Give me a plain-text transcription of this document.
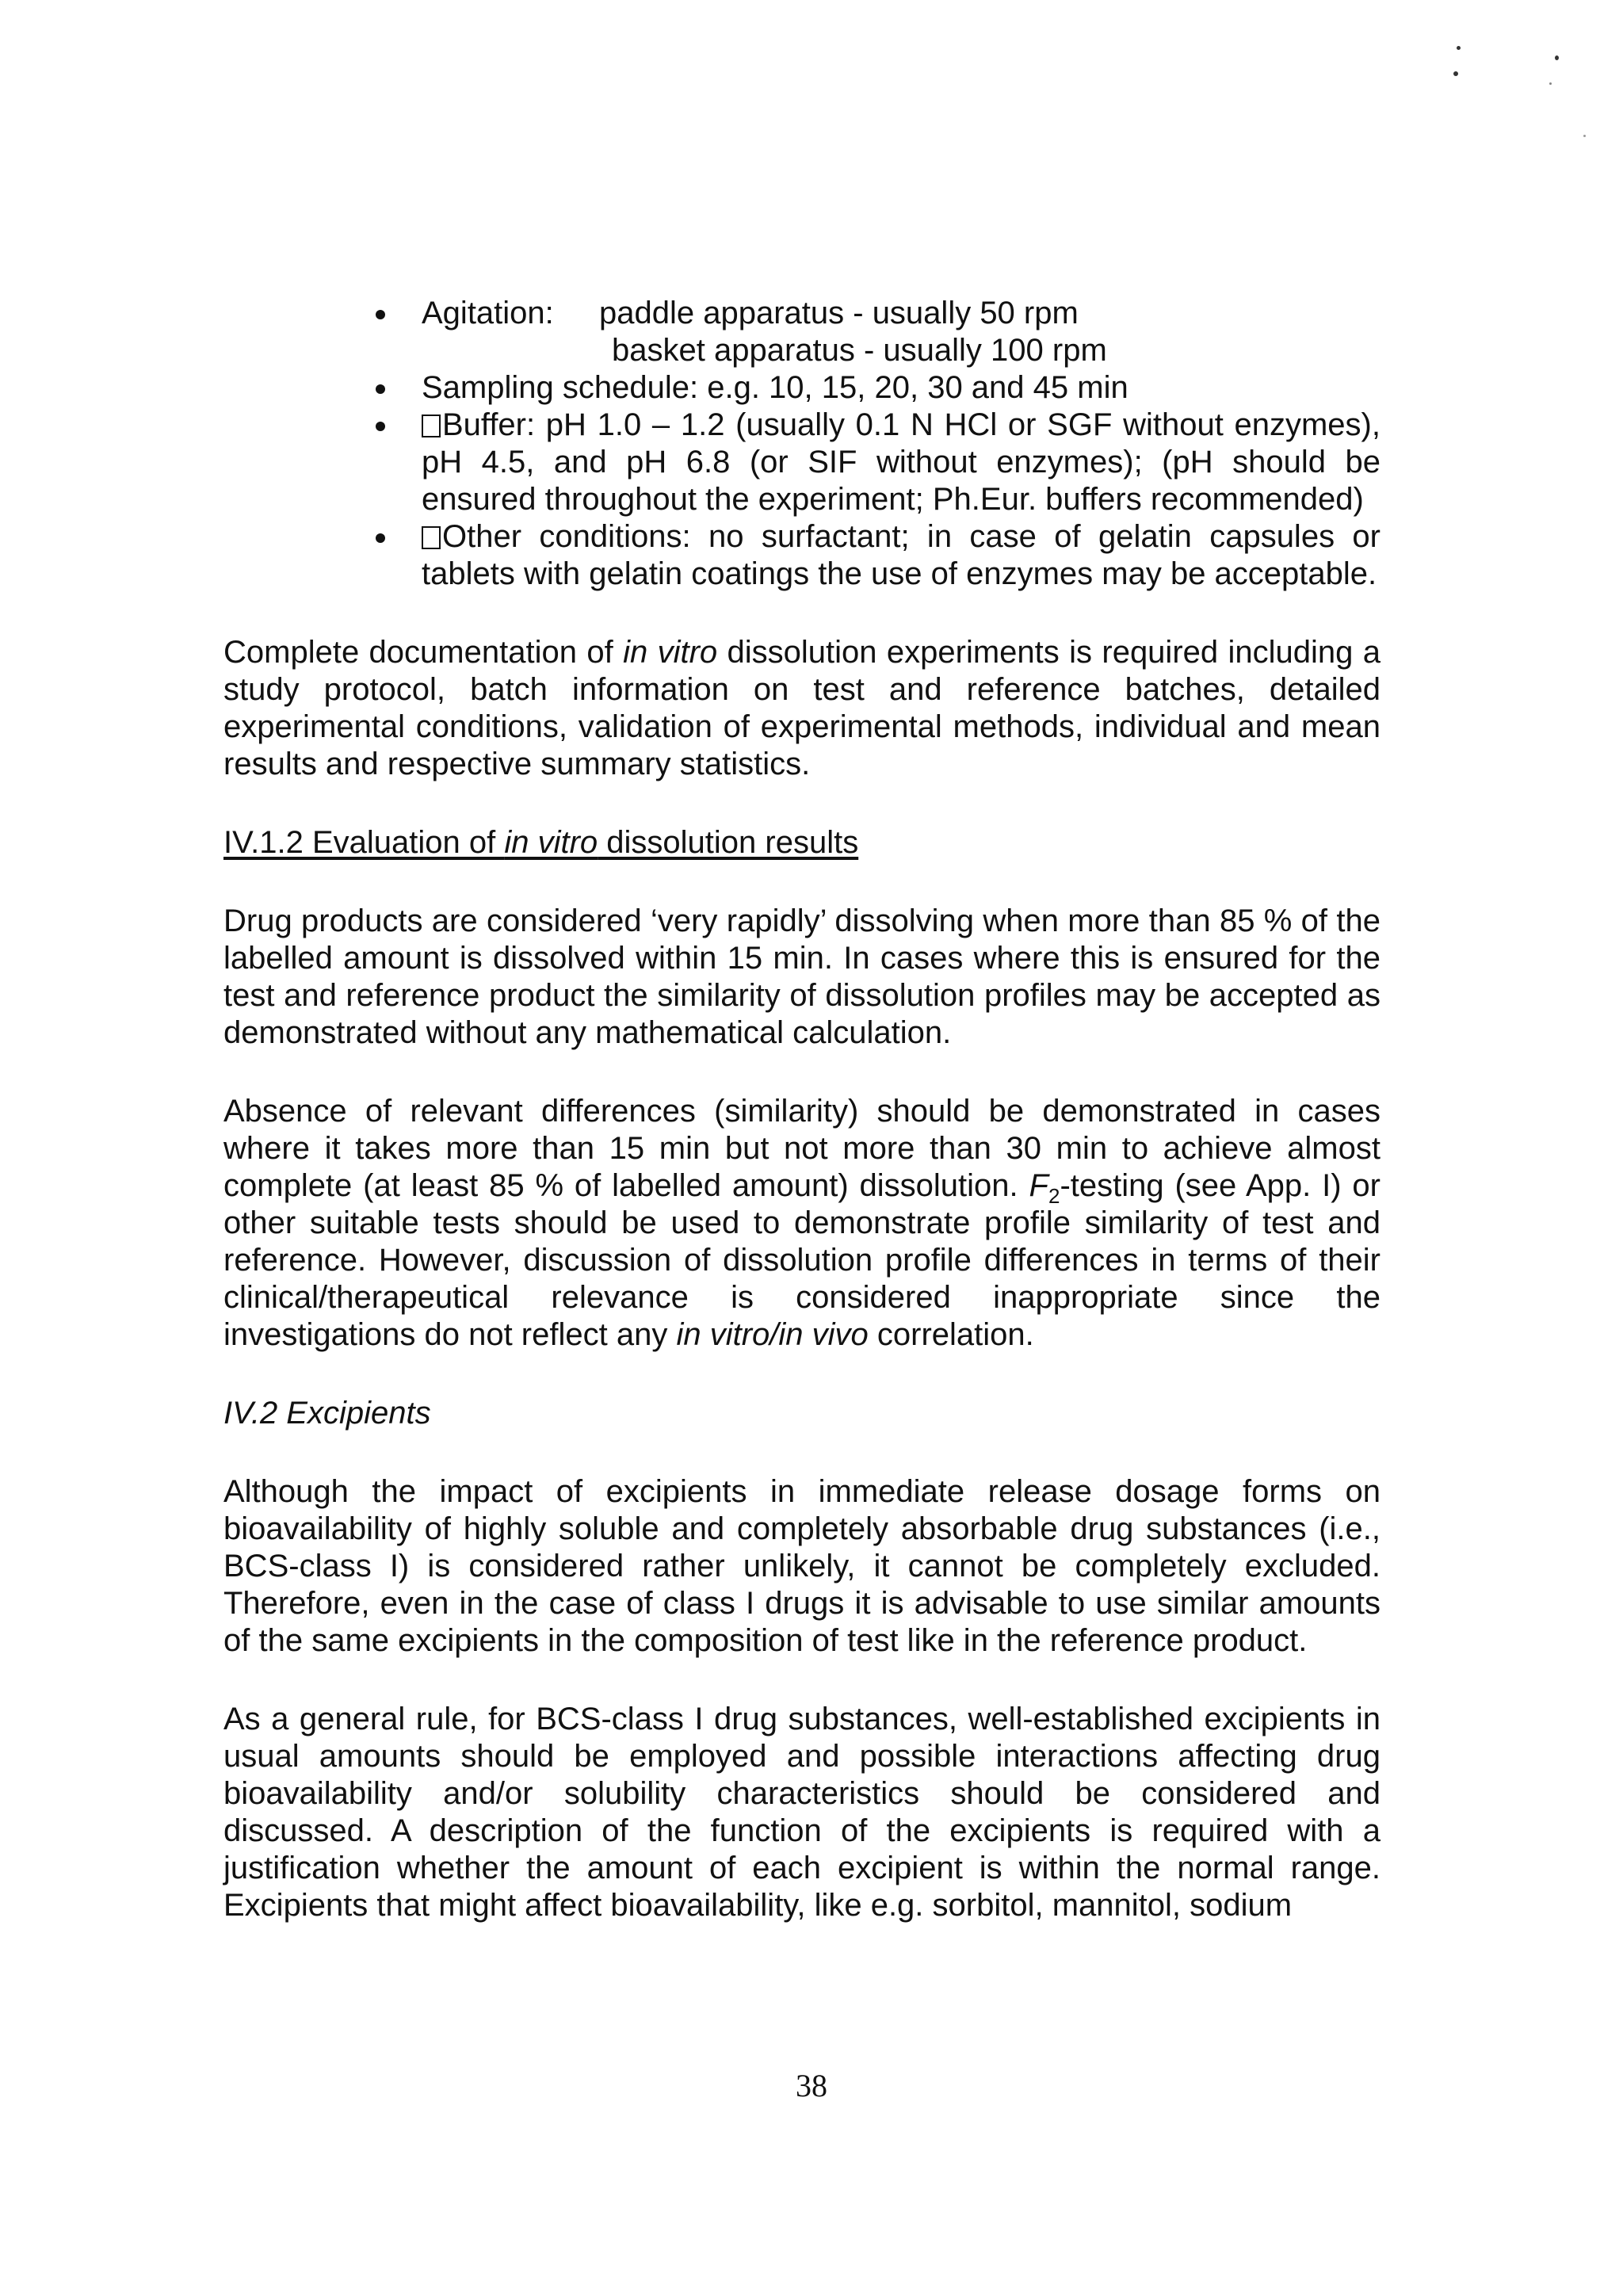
Agitation: paddle apparatus - usually 50 rpm
basket apparatus - usually 100 rpm
Sampling schedule: e.g. 10, 15, 20, 30 and 45 min
Buffer: pH 1.0 – 1.2 (usually 0.1 N HCl or SGF without enzymes), pH 4.5, and pH 6.8 (or SIF without enzymes); (pH should be ensured throughout the experiment; Ph.Eur. buffers recommended)
Other conditions: no surfactant; in case of gelatin capsules or tablets with gelatin coatings the use of enzymes may be acceptable.

Complete documentation of in vitro dissolution experiments is required including a study protocol, batch information on test and reference batches, detailed experimental conditions, validation of experimental methods, individual and mean results and respective summary statistics.

IV.1.2 Evaluation of in vitro dissolution results

Drug products are considered ‘very rapidly’ dissolving when more than 85 % of the labelled amount is dissolved within 15 min. In cases where this is ensured for the test and reference product the similarity of dissolution profiles may be accepted as demonstrated without any mathematical calculation.

Absence of relevant differences (similarity) should be demonstrated in cases where it takes more than 15 min but not more than 30 min to achieve almost complete (at least 85 % of labelled amount) dissolution. $F_2$-testing (see App. I) or other suitable tests should be used to demonstrate profile similarity of test and reference. However, discussion of dissolution profile differences in terms of their clinical/therapeutical relevance is considered inappropriate since the investigations do not reflect any in vitro/in vivo correlation.

IV.2 Excipients

Although the impact of excipients in immediate release dosage forms on bioavailability of highly soluble and completely absorbable drug substances (i.e., BCS-class I) is considered rather unlikely, it cannot be completely excluded. Therefore, even in the case of class I drugs it is advisable to use similar amounts of the same excipients in the composition of test like in the reference product.

As a general rule, for BCS-class I drug substances, well-established excipients in usual amounts should be employed and possible interactions affecting drug bioavailability and/or solubility characteristics should be considered and discussed. A description of the function of the excipients is required with a justification whether the amount of each excipient is within the normal range. Excipients that might affect bioavailability, like e.g. sorbitol, mannitol, sodium

38
